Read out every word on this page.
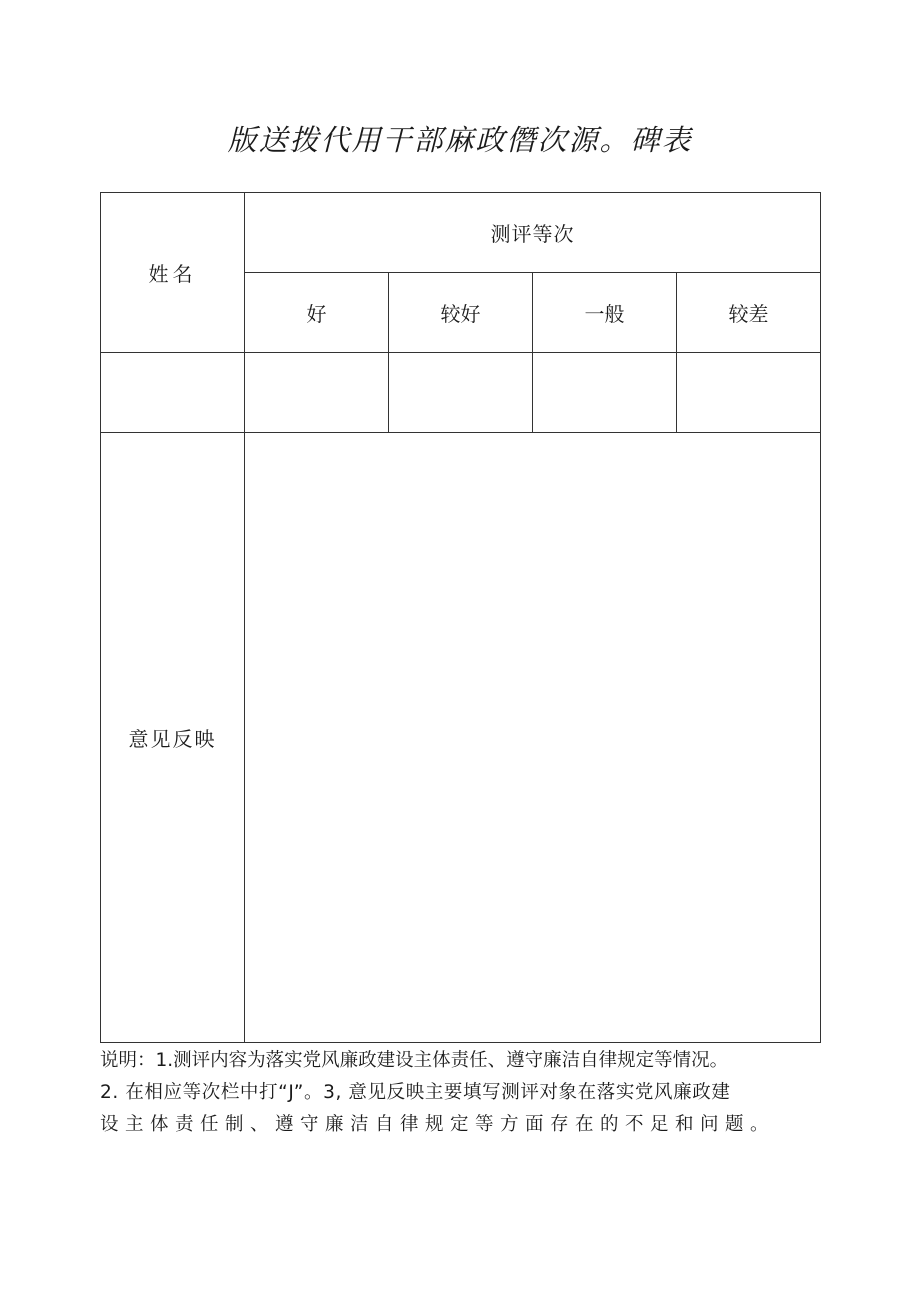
版送拨代用干部麻政僭次源。碑表
姓名	测评等次			
	好	较好	一般	较差

意见反映				
说明：1.测评内容为落实党风廉政建设主体责任、遵守廉洁自律规定等情况。
2. 在相应等次栏中打“J”。3, 意见反映主要填写测评对象在落实党风廉政建
设主体责任制、遵守廉洁自律规定等方面存在的不足和问题。
